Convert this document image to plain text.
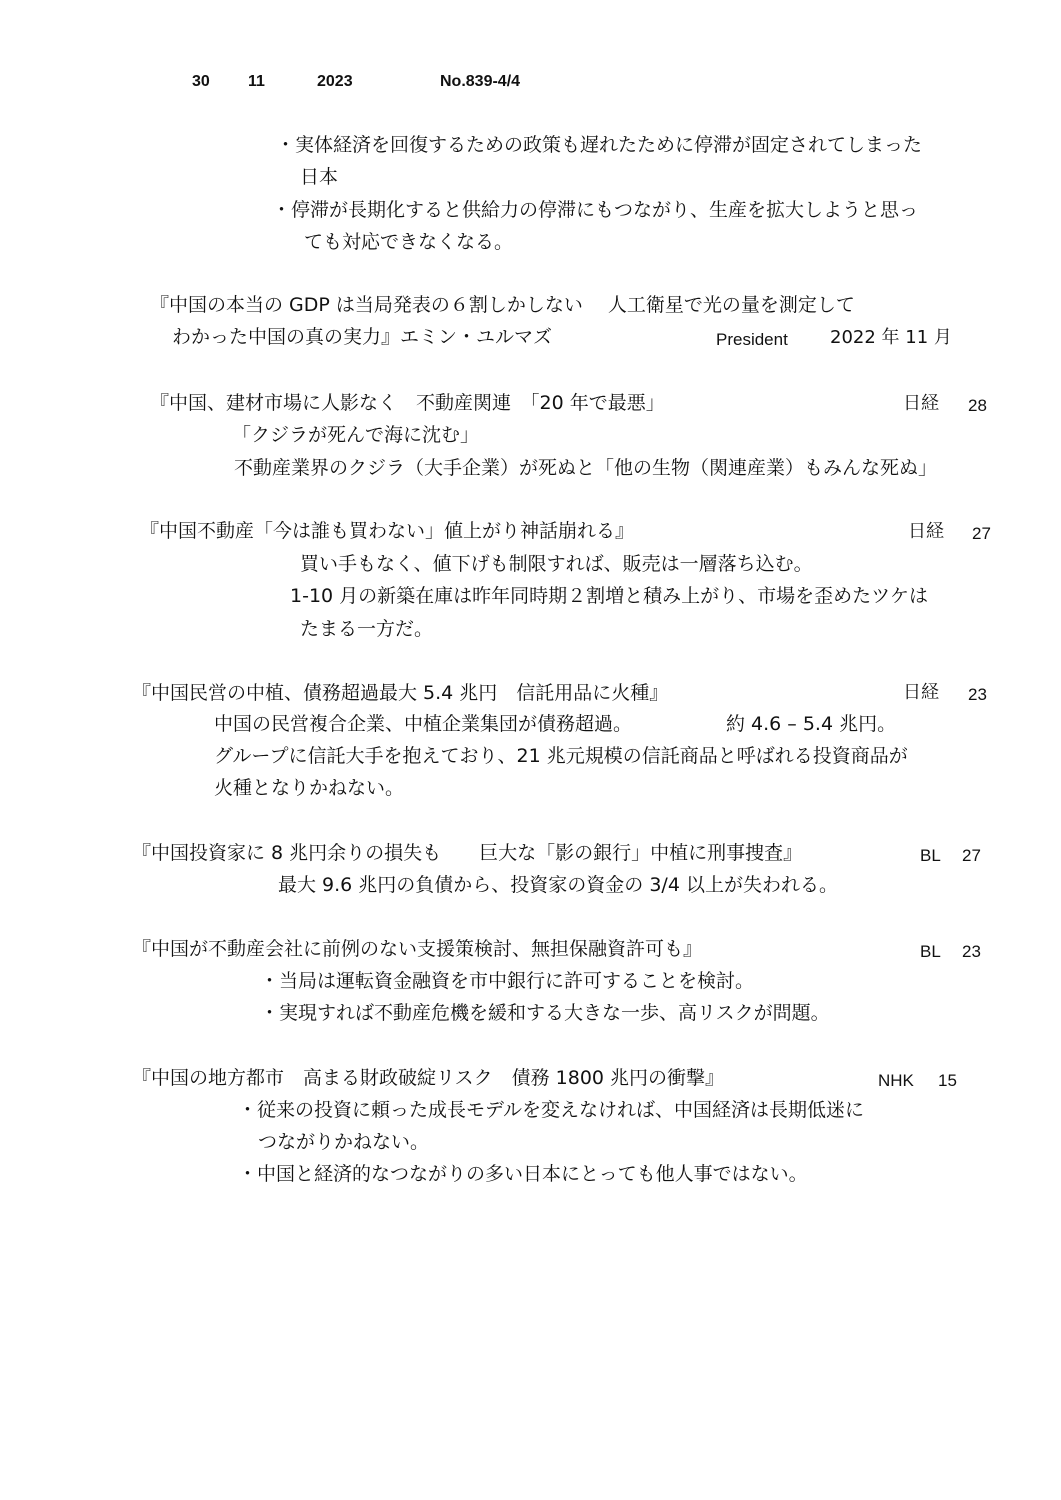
30 11	2023	No.839-4/4
・実体経済を回復するための政策も遅れたために停滞が固定されてしまった
日本
・停滞が長期化すると供給力の停滞にもつながり、生産を拡大しようと思っ
ても対応できなくなる。
『中国の本当の GDP は当局発表の６割しかしない　 人工衛星で光の量を測定して
わかった中国の真の実力』エミン・ユルマズ	President 2022 年 11 月
『中国、建材市場に人影なく　不動産関連　「20 年で最悪」	日経 28
「クジラが死んで海に沈む」
不動産業界のクジラ（大手企業）が死ぬと「他の生物（関連産業）もみんな死ぬ」
『中国不動産「今は誰も買わない」値上がり神話崩れる』	日経 27
買い手もなく、値下げも制限すれば、販売は一層落ち込む。
1-10 月の新築在庫は昨年同時期２割増と積み上がり、市場を歪めたツケは
たまる一方だ。
『中国民営の中植、債務超過最大 5.4 兆円　信託用品に火種』	日経 23
中国の民営複合企業、中植企業集団が債務超過。	約 4.6 – 5.4 兆円。
グループに信託大手を抱えており、21 兆元規模の信託商品と呼ばれる投資商品が
火種となりかねない。
『中国投資家に 8 兆円余りの損失も　　巨大な「影の銀行」中植に刑事捜査』	BL 27
最大 9.6 兆円の負債から、投資家の資金の 3/4 以上が失われる。
『中国が不動産会社に前例のない支援策検討、無担保融資許可も』	BL 23
・当局は運転資金融資を市中銀行に許可することを検討。
・実現すれば不動産危機を緩和する大きな一歩、高リスクが問題。
『中国の地方都市　高まる財政破綻リスク　債務 1800 兆円の衝撃』	NHK 15
・従来の投資に頼った成長モデルを変えなければ、中国経済は長期低迷に
つながりかねない。
・中国と経済的なつながりの多い日本にとっても他人事ではない。
